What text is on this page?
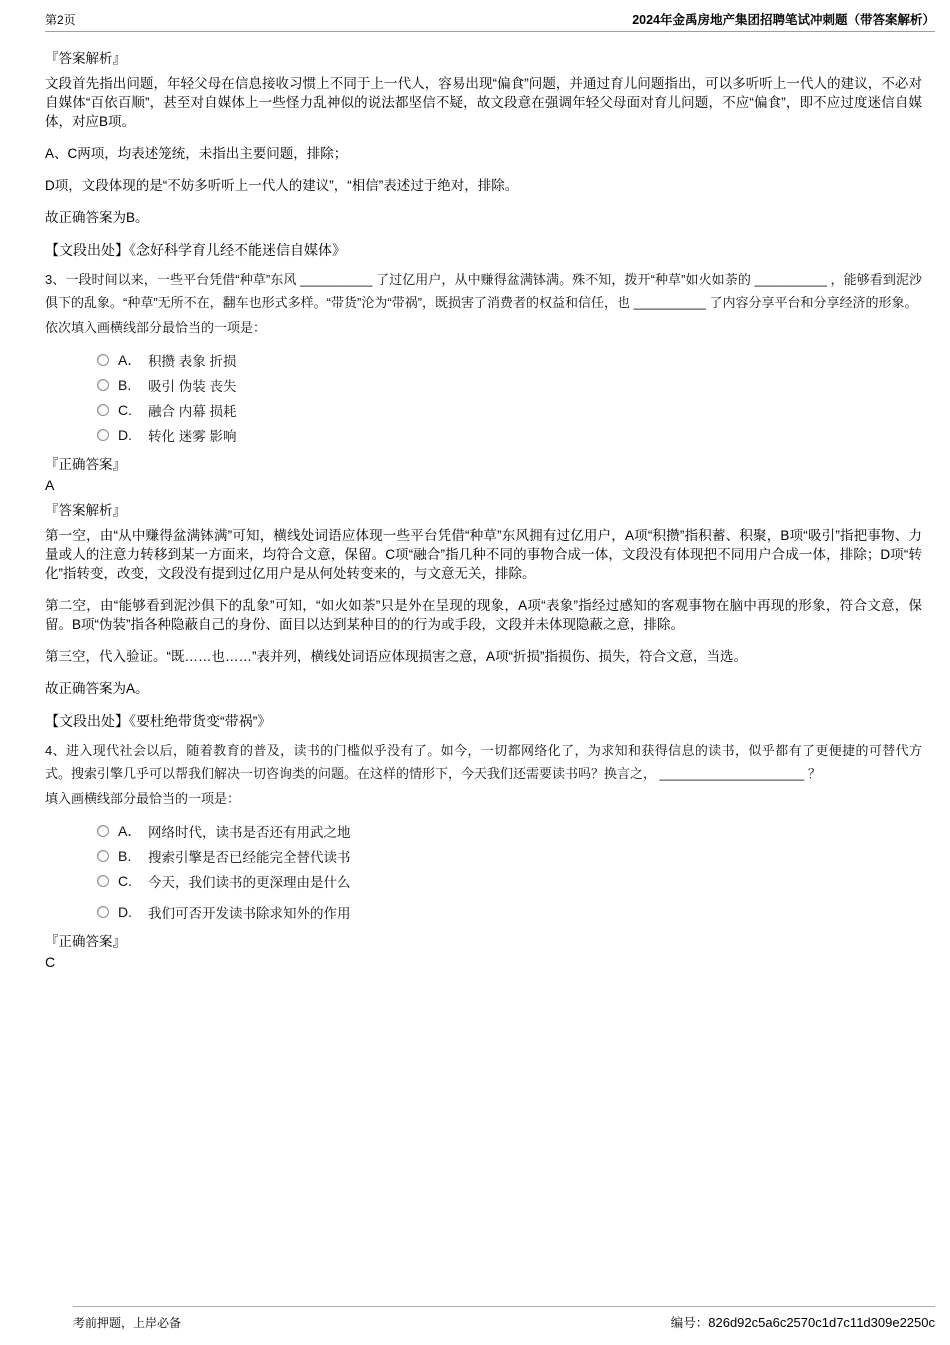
第2页	2024年金禹房地产集团招聘笔试冲刺题（带答案解析）
『答案解析』
文段首先指出问题，年轻父母在信息接收习惯上不同于上一代人，容易出现“偏食”问题，并通过育儿问题指出，可以多听听上一代人的建议，不必对自媒体“百依百顺”，甚至对自媒体上一些怪力乱神似的说法都坚信不疑，故文段意在强调年轻父母面对育儿问题，不应“偏食”，即不应过度迷信自媒体，对应B项。
A、C两项，均表述笼统，未指出主要问题，排除；
D项，文段体现的是“不妨多听听上一代人的建议”，“相信”表述过于绝对，排除。
故正确答案为B。
【文段出处】《念好科学育儿经不能迷信自媒体》
3、一段时间以来，一些平台凭借“种草”东风 __________ 了过亿用户，从中赚得盆满钵满。殊不知，拨开“种草”如火如荼的 __________ ，能够看到泥沙俱下的乱象。“种草”无所不在，翻车也形式多样。“带货”沦为“带祸”，既损害了消费者的权益和信任，也 __________ 了内容分享平台和分享经济的形象。
依次填入画横线部分最恰当的一项是：
A． 积攒 表象 折损
B.	吸引 伪装 丧失
C.	融合 内幕 损耗
D.	转化 迷雾 影响
『正确答案』
A
『答案解析』
第一空，由“从中赚得盆满钵满”可知，横线处词语应体现一些平台凭借“种草”东风拥有过亿用户，A项“积攒”指积蓄、积聚，B项“吸引”指把事物、力量或人的注意力转移到某一方面来，均符合文意，保留。C项“融合”指几种不同的事物合成一体，文段没有体现把不同用户合成一体，排除；D项“转化”指转变，改变，文段没有提到过亿用户是从何处转变来的，与文意无关，排除。
第二空，由“能够看到泥沙俱下的乱象”可知，“如火如荼”只是外在呈现的现象，A项“表象”指经过感知的客观事物在脑中再现的形象，符合文意，保留。B项“伪装”指各种隐蔽自己的身份、面目以达到某种目的的行为或手段，文段并未体现隐蔽之意，排除。
第三空，代入验证。“既……也……”表并列，横线处词语应体现损害之意，A项“折损”指损伤、损失，符合文意，当选。
故正确答案为A。
【文段出处】《要杜绝带货变“带祸”》
4、进入现代社会以后，随着教育的普及，读书的门槛似乎没有了。如今，一切都网络化了，为求知和获得信息的读书，似乎都有了更便捷的可替代方式。搜索引擎几乎可以帮我们解决一切咨询类的问题。在这样的情形下，今天我们还需要读书吗？换言之， ____________________ ？
填入画横线部分最恰当的一项是：
A． 网络时代，读书是否还有用武之地
B.	搜索引擎是否已经能完全替代读书
C.	今天，我们读书的更深理由是什么
D.	我们可否开发读书除求知外的作用
『正确答案』
C
考前押题，上岸必备	编号：826d92c5a6c2570c1d7c11d309e2250c
